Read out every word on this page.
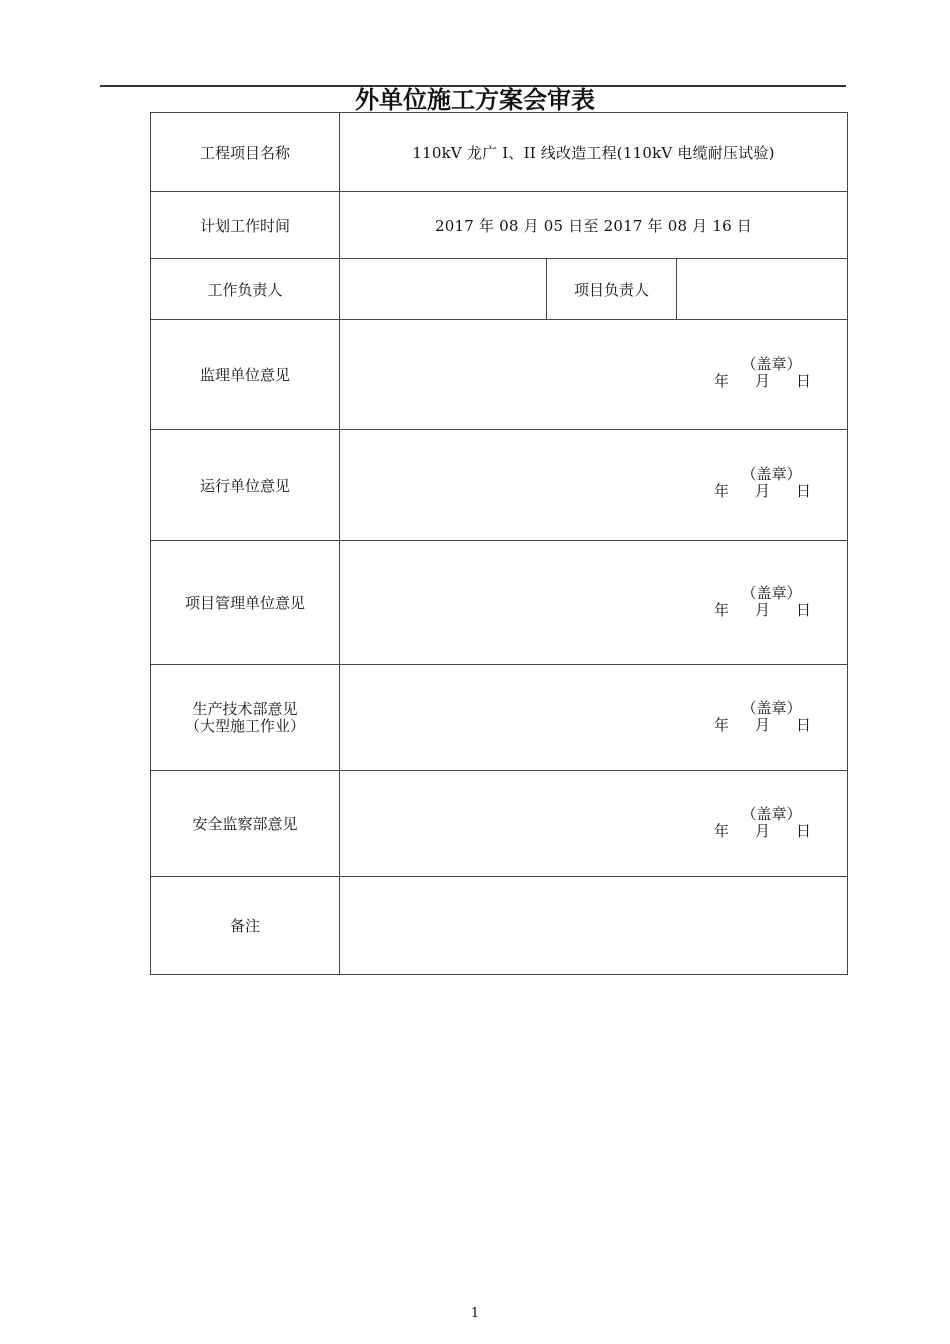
外单位施工方案会审表
工程项目名称	110kV 龙广 I、II 线改造工程(110kV 电缆耐压试验)		
计划工作时间	2017 年 08 月 05 日至 2017 年 08 月 16 日		
工作负责人		项目负责人	
监理单位意见	（盖章）
年 月 日		

运行单位意见	（盖章）
年 月 日		

项目管理单位意见	（盖章）
年 月 日		

生产技术部意见
（大型施工作业）	（盖章）
年 月 日		

安全监察部意见	（盖章）
年 月 日		

备注			
1
